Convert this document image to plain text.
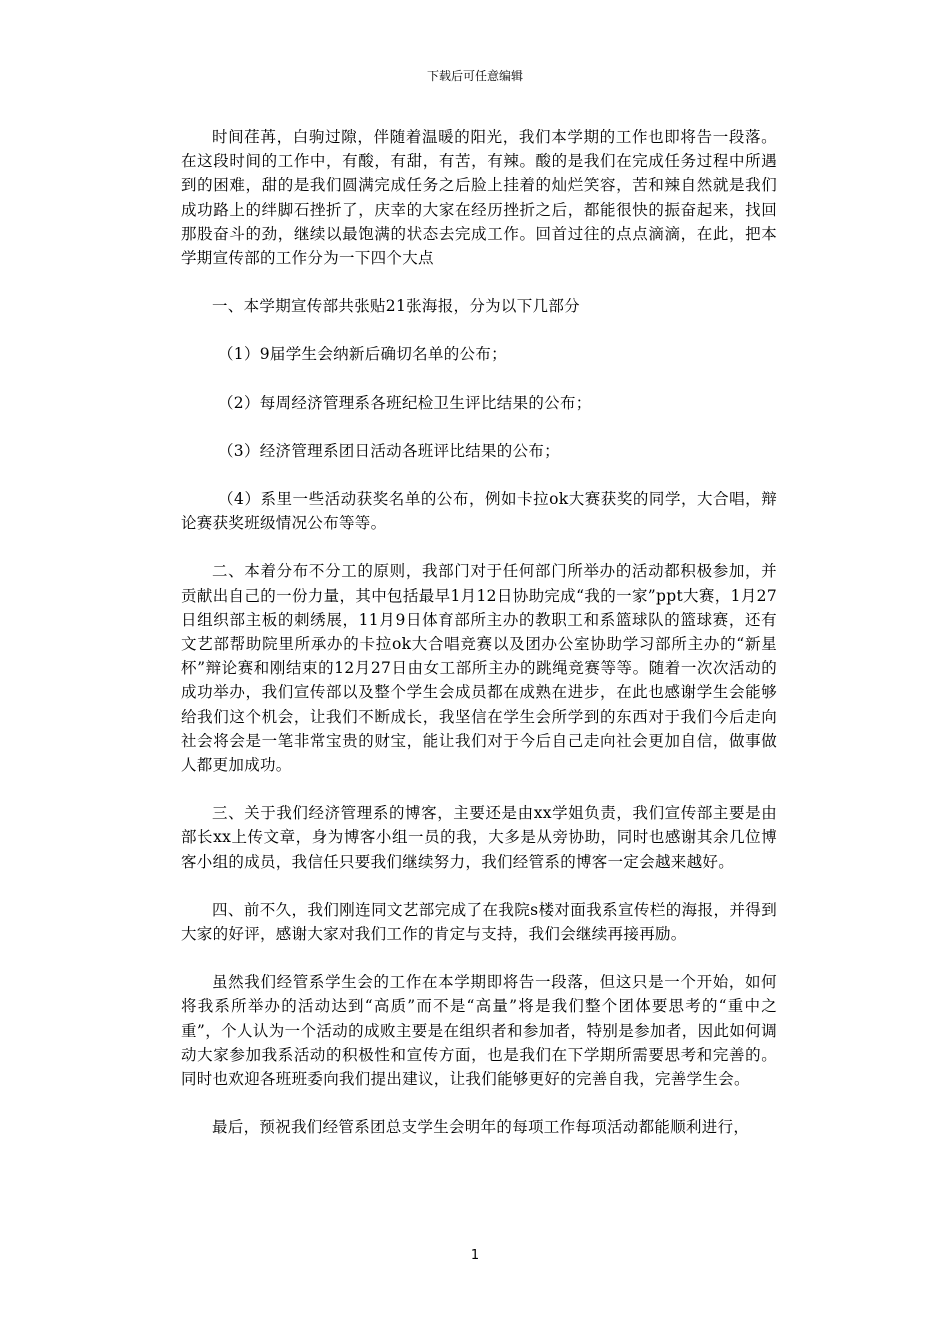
下载后可任意编辑

时间荏苒，白驹过隙，伴随着温暖的阳光，我们本学期的工作也即将告一段落。在这段时间的工作中，有酸，有甜，有苦，有辣。酸的是我们在完成任务过程中所遇到的困难，甜的是我们圆满完成任务之后脸上挂着的灿烂笑容，苦和辣自然就是我们成功路上的绊脚石挫折了，庆幸的大家在经历挫折之后，都能很快的振奋起来，找回那股奋斗的劲，继续以最饱满的状态去完成工作。回首过往的点点滴滴，在此，把本学期宣传部的工作分为一下四个大点

一、本学期宣传部共张贴21张海报，分为以下几部分

（1）9届学生会纳新后确切名单的公布；

（2）每周经济管理系各班纪检卫生评比结果的公布；

（3）经济管理系团日活动各班评比结果的公布；

（4）系里一些活动获奖名单的公布，例如卡拉ok大赛获奖的同学，大合唱，辩论赛获奖班级情况公布等等。

二、本着分布不分工的原则，我部门对于任何部门所举办的活动都积极参加，并贡献出自己的一份力量，其中包括最早1月12日协助完成“我的一家”ppt大赛，1月27日组织部主板的刺绣展，11月9日体育部所主办的教职工和系篮球队的篮球赛，还有文艺部帮助院里所承办的卡拉ok大合唱竞赛以及团办公室协助学习部所主办的“新星杯”辩论赛和刚结束的12月27日由女工部所主办的跳绳竞赛等等。随着一次次活动的成功举办，我们宣传部以及整个学生会成员都在成熟在进步，在此也感谢学生会能够给我们这个机会，让我们不断成长，我坚信在学生会所学到的东西对于我们今后走向社会将会是一笔非常宝贵的财宝，能让我们对于今后自己走向社会更加自信，做事做人都更加成功。

三、关于我们经济管理系的博客，主要还是由xx学姐负责，我们宣传部主要是由部长xx上传文章，身为博客小组一员的我，大多是从旁协助，同时也感谢其余几位博客小组的成员，我信任只要我们继续努力，我们经管系的博客一定会越来越好。

四、前不久，我们刚连同文艺部完成了在我院s楼对面我系宣传栏的海报，并得到大家的好评，感谢大家对我们工作的肯定与支持，我们会继续再接再励。

虽然我们经管系学生会的工作在本学期即将告一段落，但这只是一个开始，如何将我系所举办的活动达到“高质”而不是“高量”将是我们整个团体要思考的“重中之重”，个人认为一个活动的成败主要是在组织者和参加者，特别是参加者，因此如何调动大家参加我系活动的积极性和宣传方面，也是我们在下学期所需要思考和完善的。同时也欢迎各班班委向我们提出建议，让我们能够更好的完善自我，完善学生会。

最后，预祝我们经管系团总支学生会明年的每项工作每项活动都能顺利进行，

1
